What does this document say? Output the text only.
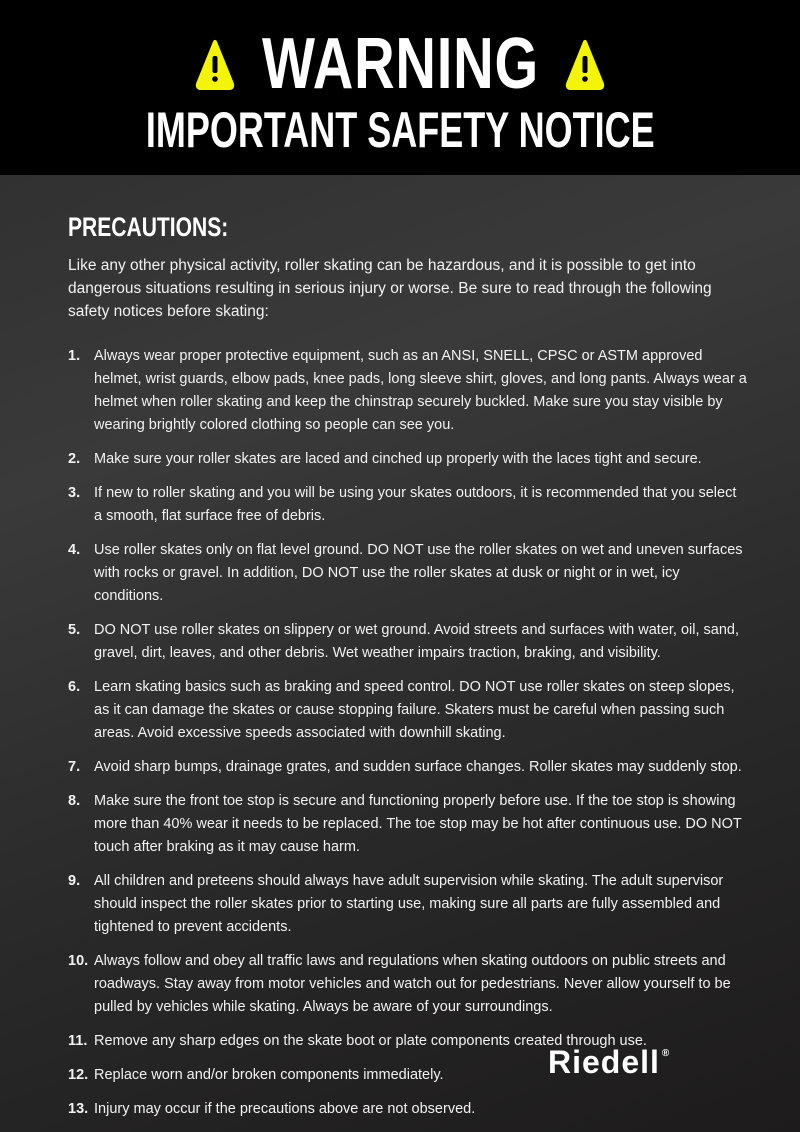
WARNING
IMPORTANT SAFETY NOTICE
PRECAUTIONS:

Like any other physical activity, roller skating can be hazardous, and it is possible to get into dangerous situations resulting in serious injury or worse. Be sure to read through the following safety notices before skating:

1. Always wear proper protective equipment, such as an ANSI, SNELL, CPSC or ASTM approved helmet, wrist guards, elbow pads, knee pads, long sleeve shirt, gloves, and long pants. Always wear a helmet when roller skating and keep the chinstrap securely buckled. Make sure you stay visible by wearing brightly colored clothing so people can see you.
2. Make sure your roller skates are laced and cinched up properly with the laces tight and secure.
3. If new to roller skating and you will be using your skates outdoors, it is recommended that you select a smooth, flat surface free of debris.
4. Use roller skates only on flat level ground. DO NOT use the roller skates on wet and uneven surfaces with rocks or gravel. In addition, DO NOT use the roller skates at dusk or night or in wet, icy conditions.
5. DO NOT use roller skates on slippery or wet ground. Avoid streets and surfaces with water, oil, sand, gravel, dirt, leaves, and other debris. Wet weather impairs traction, braking, and visibility.
6. Learn skating basics such as braking and speed control. DO NOT use roller skates on steep slopes, as it can damage the skates or cause stopping failure. Skaters must be careful when passing such areas. Avoid excessive speeds associated with downhill skating.
7. Avoid sharp bumps, drainage grates, and sudden surface changes. Roller skates may suddenly stop.
8. Make sure the front toe stop is secure and functioning properly before use. If the toe stop is showing more than 40% wear it needs to be replaced. The toe stop may be hot after continuous use. DO NOT touch after braking as it may cause harm.
9. All children and preteens should always have adult supervision while skating. The adult supervisor should inspect the roller skates prior to starting use, making sure all parts are fully assembled and tightened to prevent accidents.
10. Always follow and obey all traffic laws and regulations when skating outdoors on public streets and roadways. Stay away from motor vehicles and watch out for pedestrians. Never allow yourself to be pulled by vehicles while skating. Always be aware of your surroundings.
11. Remove any sharp edges on the skate boot or plate components created through use.
12. Replace worn and/or broken components immediately.
13. Injury may occur if the precautions above are not observed.
Riedell ®
